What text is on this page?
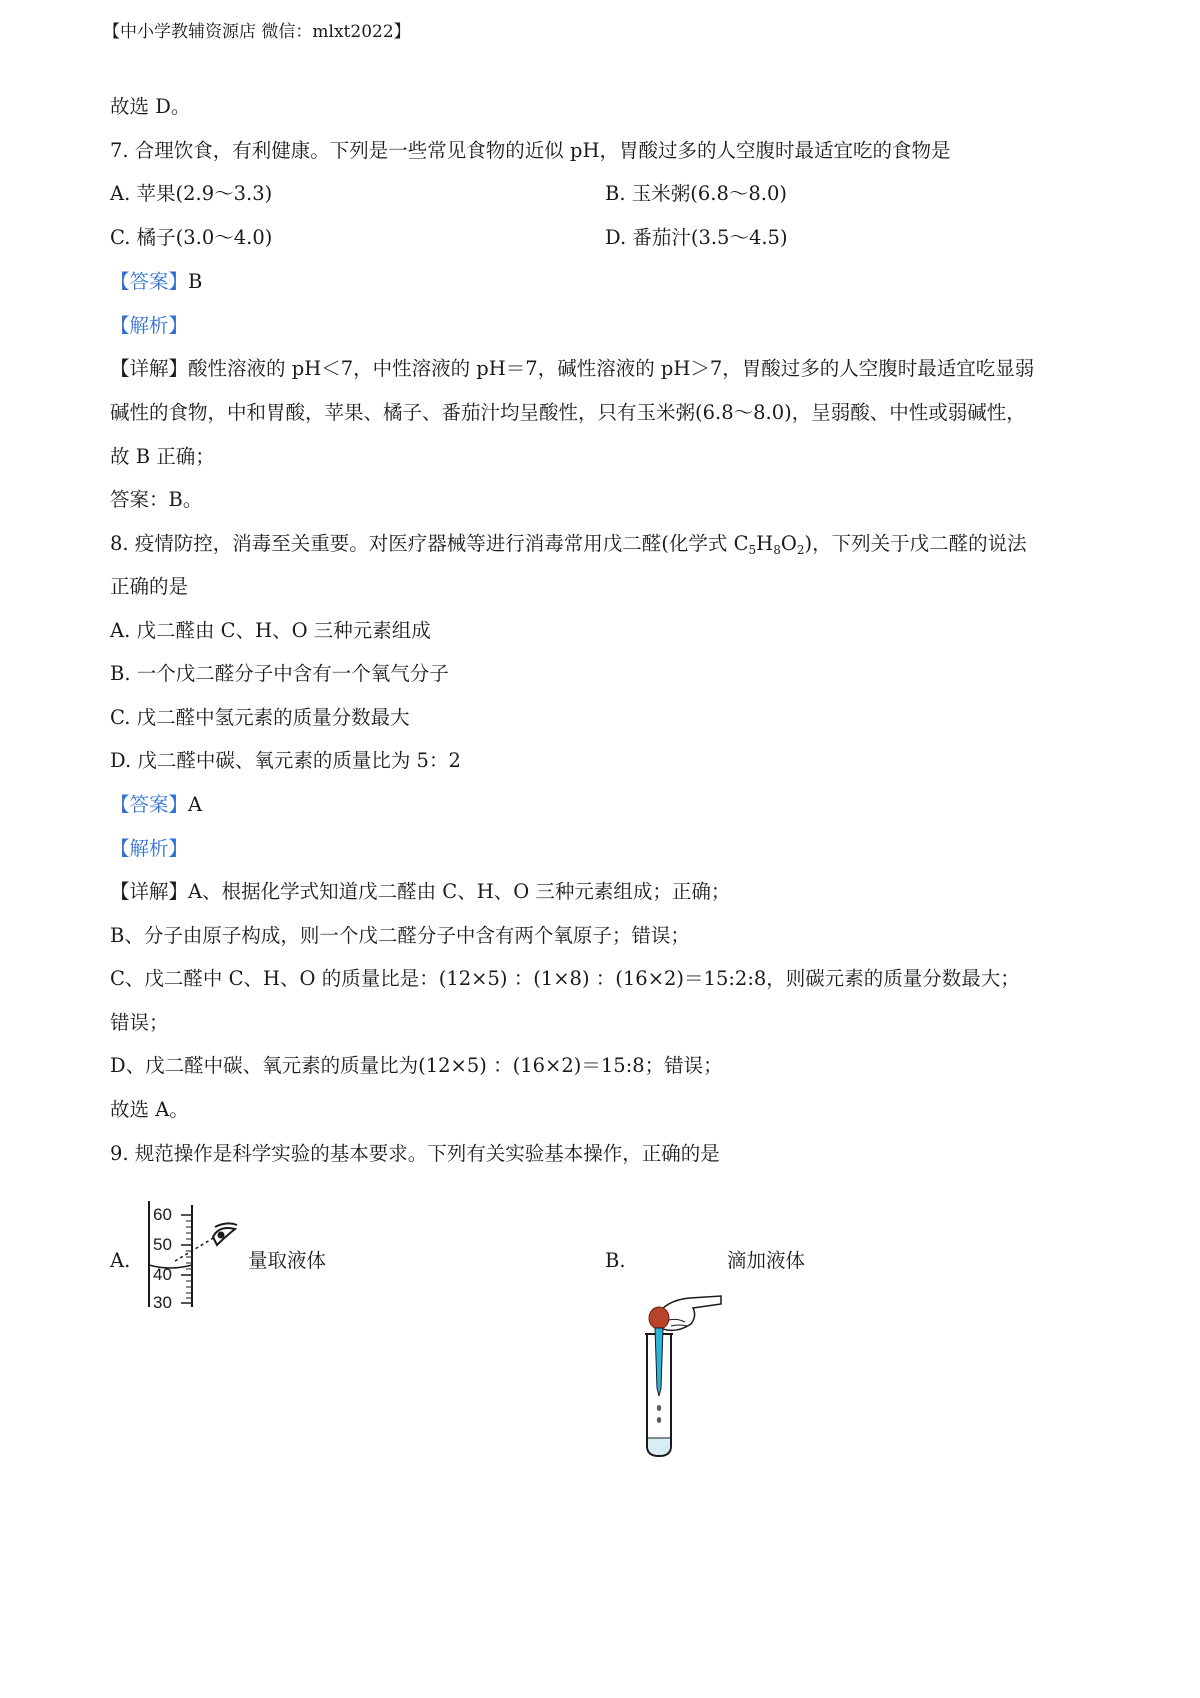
【中小学教辅资源店 微信：mlxt2022】
故选 D。
7. 合理饮食，有利健康。下列是一些常见食物的近似 pH，胃酸过多的人空腹时最适宜吃的食物是
A. 苹果(2.9～3.3)	B. 玉米粥(6.8～8.0)
C. 橘子(3.0～4.0)	D. 番茄汁(3.5～4.5)
【答案】B
【解析】
【详解】酸性溶液的 pH＜7，中性溶液的 pH＝7，碱性溶液的 pH＞7，胃酸过多的人空腹时最适宜吃显弱
碱性的食物，中和胃酸，苹果、橘子、番茄汁均呈酸性，只有玉米粥(6.8～8.0)，呈弱酸、中性或弱碱性，
故 B 正确；
答案：B。
8. 疫情防控，消毒至关重要。对医疗器械等进行消毒常用戊二醛(化学式 $C_5H_8O_2$)，下列关于戊二醛的说法
正确的是
A. 戊二醛由 C、H、O 三种元素组成
B. 一个戊二醛分子中含有一个氧气分子
C. 戊二醛中氢元素的质量分数最大
D. 戊二醛中碳、氧元素的质量比为 5：2
【答案】A
【解析】
【详解】A、根据化学式知道戊二醛由 C、H、O 三种元素组成；正确；
B、分子由原子构成，则一个戊二醛分子中含有两个氧原子；错误；
C、戊二醛中 C、H、O 的质量比是：(12×5) ：(1×8) ：(16×2)＝15:2:8，则碳元素的质量分数最大；
错误；
D、戊二醛中碳、氧元素的质量比为(12×5) ：(16×2)＝15:8；错误；
故选 A。
9. 规范操作是科学实验的基本要求。下列有关实验基本操作，正确的是
A.
60
50
40
30
量取液体	B.	滴加液体
